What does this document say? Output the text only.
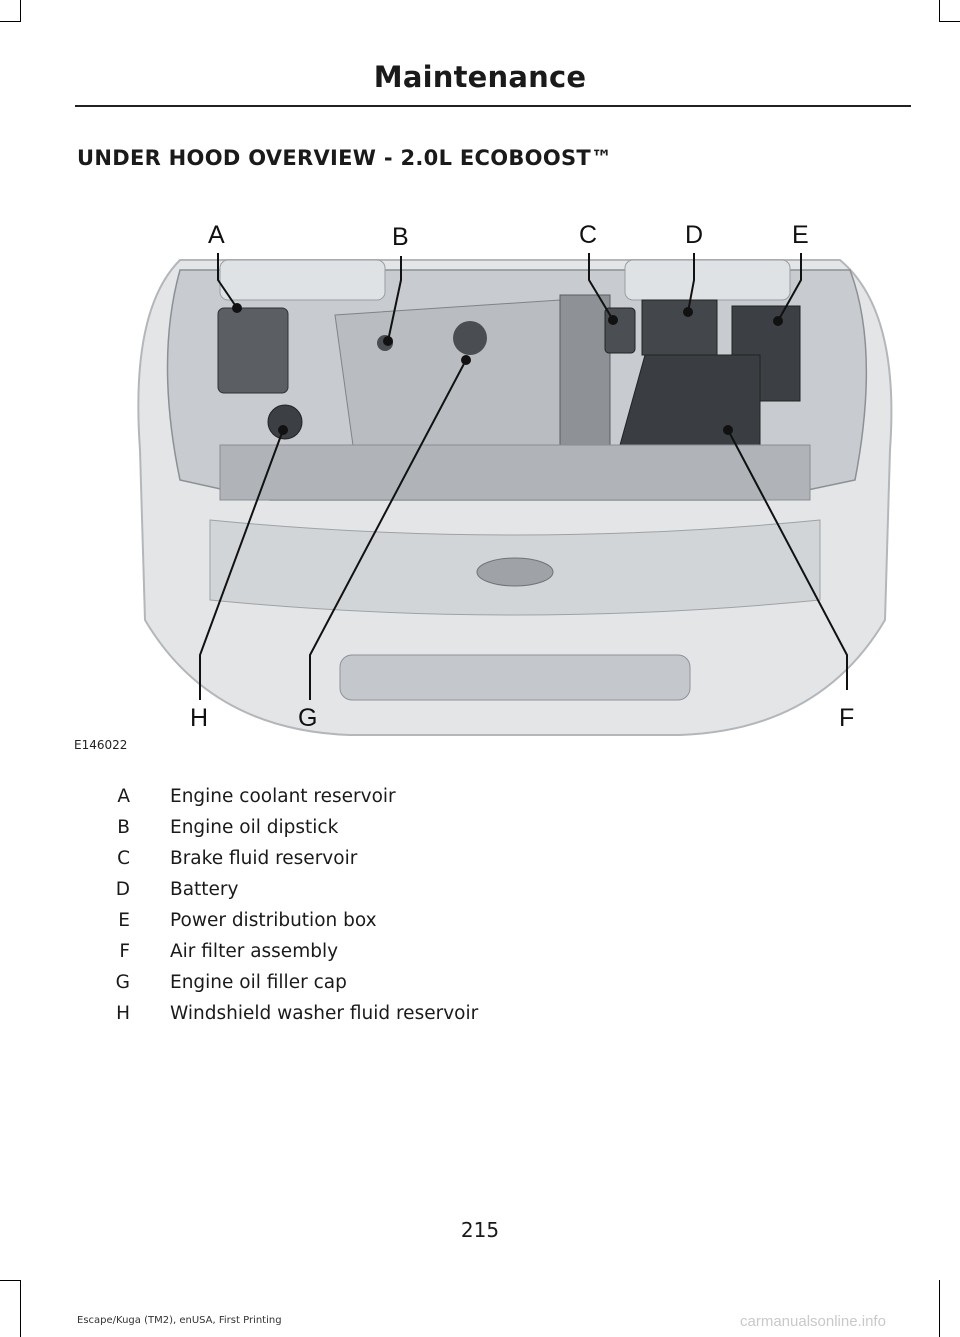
Maintenance
UNDER HOOD OVERVIEW - 2.0L ECOBOOST™
A	B	C	D	E
F
G
H
E146022
A Engine coolant reservoir
B Engine oil dipstick
C Brake fluid reservoir
D Battery
E Power distribution box
F Air filter assembly
G Engine oil filler cap
H Windshield washer fluid reservoir
215
Escape/Kuga (TM2), enUSA, First Printing	carmanualsonline.info
